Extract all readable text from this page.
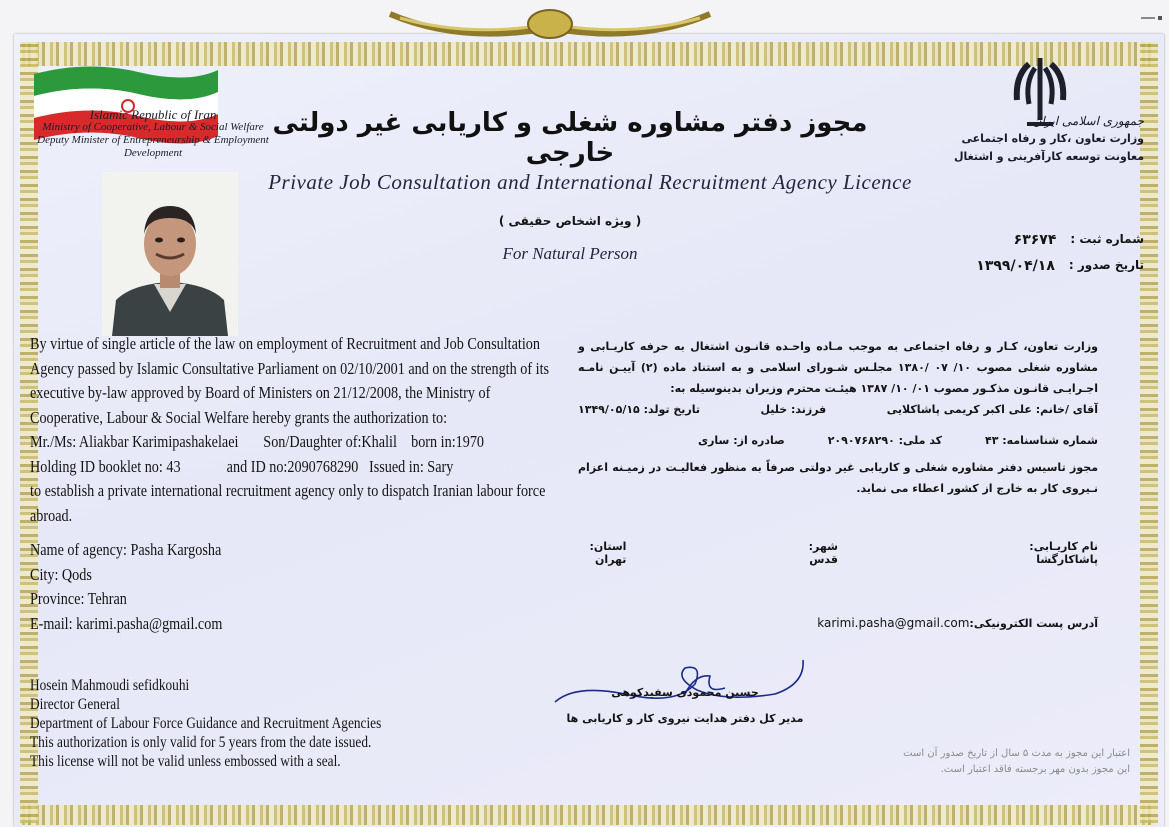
Islamic Republic of Iran
Ministry of Cooperative, Labour & Social Welfare
Deputy Minister of Entrepreneurship & Employment Development
جمهوری اسلامی ایران
وزارت تعاون ،کار و رفاه اجتماعی
معاونت توسعه کارآفرینی و اشتغال
مجوز دفتر مشاوره شغلی و کاریابی غیر دولتی خارجی
Private Job Consultation and International Recruitment Agency Licence
( ویژه اشخاص حقیقی )
For Natural Person
شماره ثبت :
۶۳۶۷۴
تاریخ صدور :
۱۳۹۹/۰۴/۱۸

By virtue of single article of the law on employment of Recruitment and Job Consultation Agency passed by Islamic Consultative Parliament on 02/10/2001 and on the strength of its executive by-law approved by Board of Ministers on 21/12/2008, the Ministry of Cooperative, Labour & Social Welfare hereby grants the authorization to:

Mr./Ms: Aliakbar Karimipashakelaei Son/Daughter of:Khalil born in:1970

Holding ID booklet no: 43	and ID no:2090768290 Issued in: Sary

to establish a private international recruitment agency only to dispatch Iranian labour force abroad.

Name of agency: Pasha Kargosha
City: Qods
Province: Tehran
E-mail: karimi.pasha@gmail.com

وزارت تعاون، کـار و رفاه اجتماعی به موجب مـاده واحـده قانـون اشتغال به حرفه کاریـابی و مشاوره شغلی مصوب ۱۰/ ۰۷ /۱۳۸۰ مجلـس شـورای اسلامی و به استناد ماده (۲) آییـن نامـه اجـرایـی قانـون مذکـور مصوب ۰۱/ ۱۰/ ۱۳۸۷ هیئـت محترم وزیران بدینوسیله به:

آقای /خانم: علی اکبر کریمی پاشاکلایی
فرزند: خلیل
تاریخ تولد: ۱۳۴۹/۰۵/۱۵
شماره شناسنامه: ۴۳
کد ملی: ۲۰۹۰۷۶۸۲۹۰
صادره از: ساری

مجوز تاسیس دفتر مشاوره شغلی و کاریابی غیر دولتی صرفاً به منظور فعالیـت در زمیـنه اعزام نـیروی کار به خارج از کشور اعطاء می نماید.

نام کاریـابی: پاشاکارگشا
شهر: قدس
استان: تهران
آدرس پست الکترونیکی:karimi.pasha@gmail.com
حسین محمودی سفیدکوهی
مدیر کل دفتر هدایت نیروی کار و کاریابی ها
Hosein Mahmoudi sefidkouhi
Director General
Department of Labour Force Guidance and Recruitment Agencies
This authorization is only valid for 5 years from the date issued.
This license will not be valid unless embossed with a seal.	اعتبار این مجوز به مدت ۵ سال از تاریخ صدور آن است
این مجوز بدون مهر برجسته فاقد اعتبار است.
